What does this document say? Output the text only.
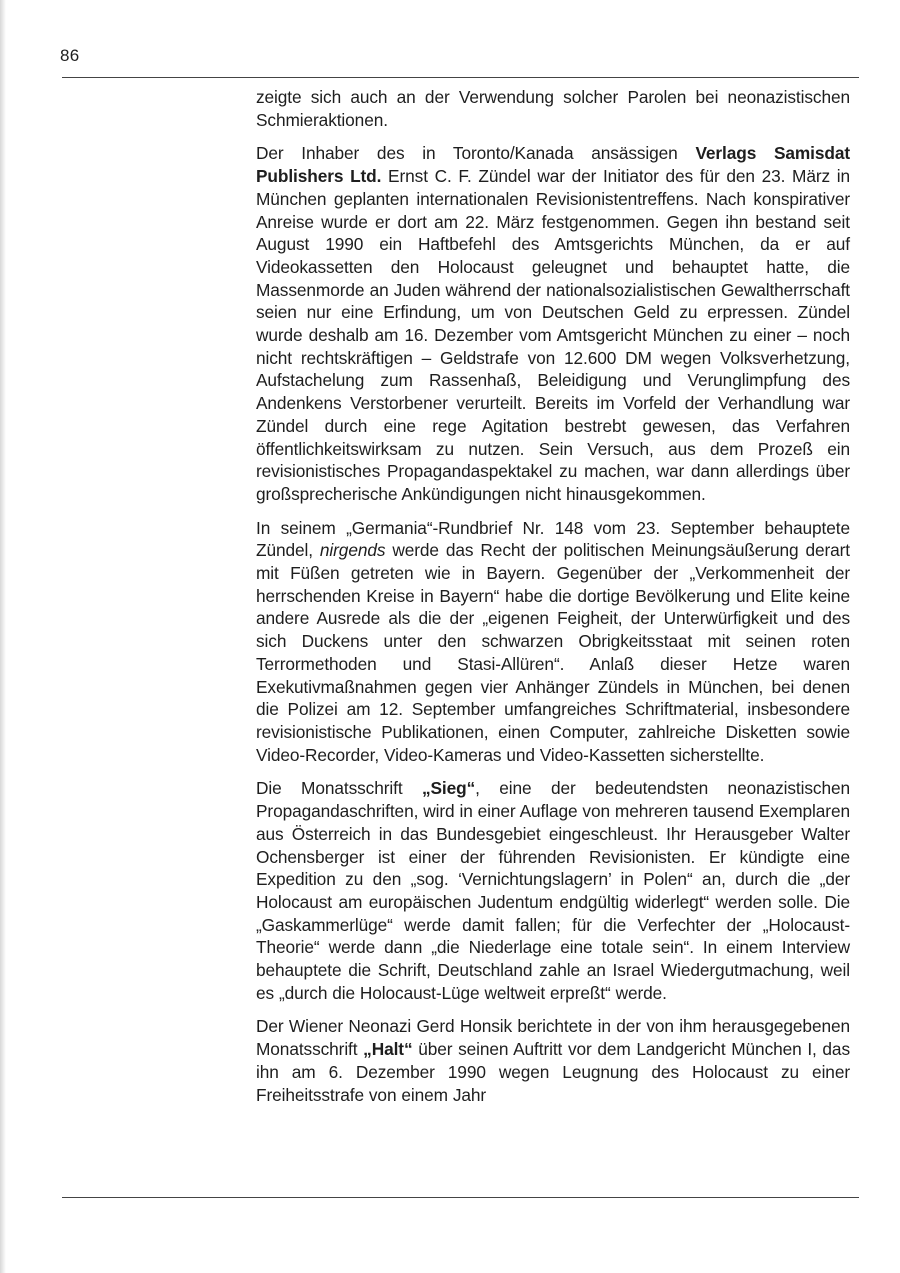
86

zeigte sich auch an der Verwendung solcher Parolen bei neonazistischen Schmieraktionen.

Der Inhaber des in Toronto/Kanada ansässigen Verlags Samisdat Publishers Ltd. Ernst C. F. Zündel war der Initiator des für den 23. März in München geplanten internationalen Revisionistentreffens. Nach konspirativer Anreise wurde er dort am 22. März festgenommen. Gegen ihn bestand seit August 1990 ein Haftbefehl des Amtsgerichts München, da er auf Videokassetten den Holocaust geleugnet und behauptet hatte, die Massenmorde an Juden während der nationalsozialistischen Gewaltherrschaft seien nur eine Erfindung, um von Deutschen Geld zu erpressen. Zündel wurde deshalb am 16. Dezember vom Amtsgericht München zu einer – noch nicht rechtskräftigen – Geldstrafe von 12.600 DM wegen Volksverhetzung, Aufstachelung zum Rassenhaß, Beleidigung und Verunglimpfung des Andenkens Verstorbener verurteilt. Bereits im Vorfeld der Verhandlung war Zündel durch eine rege Agitation bestrebt gewesen, das Verfahren öffentlichkeitswirksam zu nutzen. Sein Versuch, aus dem Prozeß ein revisionistisches Propagandaspektakel zu machen, war dann allerdings über großsprecherische Ankündigungen nicht hinausgekommen.

In seinem „Germania“-Rundbrief Nr. 148 vom 23. September behauptete Zündel, nirgends werde das Recht der politischen Meinungsäußerung derart mit Füßen getreten wie in Bayern. Gegenüber der „Verkommenheit der herrschenden Kreise in Bayern“ habe die dortige Bevölkerung und Elite keine andere Ausrede als die der „eigenen Feigheit, der Unterwürfigkeit und des sich Duckens unter den schwarzen Obrigkeitsstaat mit seinen roten Terrormethoden und Stasi-Allüren“. Anlaß dieser Hetze waren Exekutivmaßnahmen gegen vier Anhänger Zündels in München, bei denen die Polizei am 12. September umfangreiches Schriftmaterial, insbesondere revisionistische Publikationen, einen Computer, zahlreiche Disketten sowie Video-Recorder, Video-Kameras und Video-Kassetten sicherstellte.

Die Monatsschrift „Sieg“, eine der bedeutendsten neonazistischen Propagandaschriften, wird in einer Auflage von mehreren tausend Exemplaren aus Österreich in das Bundesgebiet eingeschleust. Ihr Herausgeber Walter Ochensberger ist einer der führenden Revisionisten. Er kündigte eine Expedition zu den „sog. ‘Vernichtungslagern’ in Polen“ an, durch die „der Holocaust am europäischen Judentum endgültig widerlegt“ werden solle. Die „Gaskammerlüge“ werde damit fallen; für die Verfechter der „Holocaust-Theorie“ werde dann „die Niederlage eine totale sein“. In einem Interview behauptete die Schrift, Deutschland zahle an Israel Wiedergutmachung, weil es „durch die Holocaust-Lüge weltweit erpreßt“ werde.

Der Wiener Neonazi Gerd Honsik berichtete in der von ihm herausgegebenen Monatsschrift „Halt“ über seinen Auftritt vor dem Landgericht München I, das ihn am 6. Dezember 1990 wegen Leugnung des Holocaust zu einer Freiheitsstrafe von einem Jahr
